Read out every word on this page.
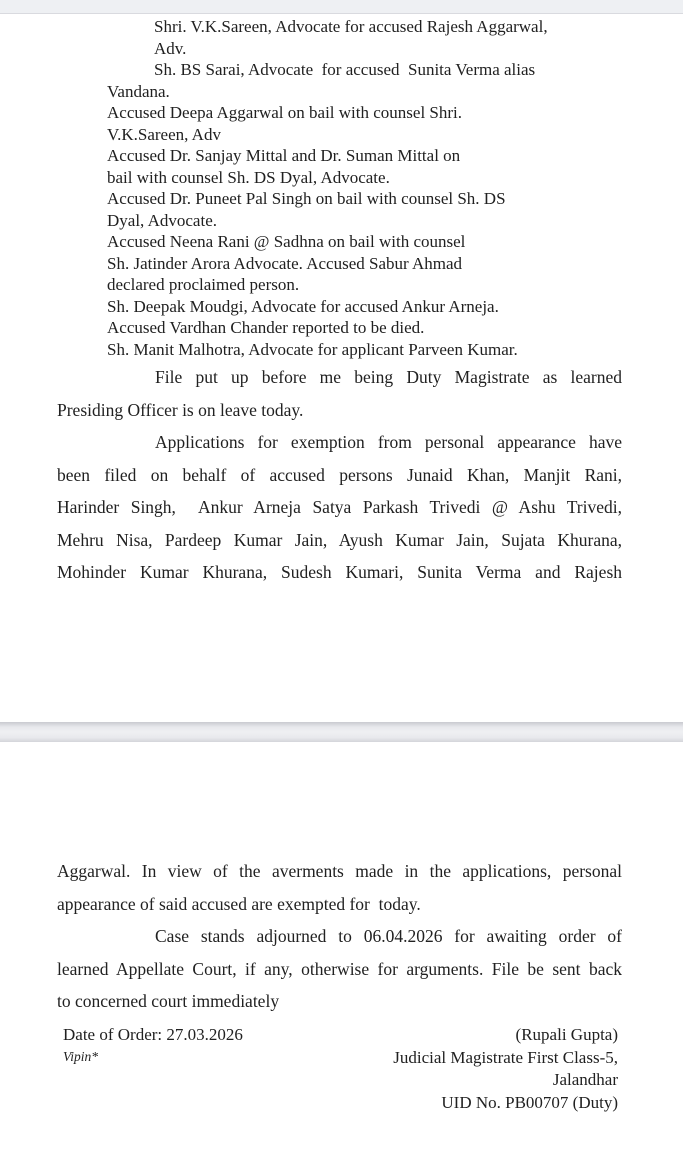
Shri. V.K.Sareen, Advocate for accused Rajesh Aggarwal,
Adv.
Sh. BS Sarai, Advocate  for accused  Sunita Verma alias
Vandana.
Accused Deepa Aggarwal on bail with counsel Shri.
V.K.Sareen, Adv
Accused Dr. Sanjay Mittal and Dr. Suman Mittal on
bail with counsel Sh. DS Dyal, Advocate.
Accused Dr. Puneet Pal Singh on bail with counsel Sh. DS
Dyal, Advocate.
Accused Neena Rani @ Sadhna on bail with counsel
Sh. Jatinder Arora Advocate. Accused Sabur Ahmad
declared proclaimed person.
Sh. Deepak Moudgi, Advocate for accused Ankur Arneja.
Accused Vardhan Chander reported to be died.
Sh. Manit Malhotra, Advocate for applicant Parveen Kumar.
File put up before me being Duty Magistrate as learned
Presiding Officer is on leave today.
Applications for exemption from personal appearance have
been filed on behalf of accused persons Junaid Khan, Manjit Rani,
Harinder Singh,  Ankur Arneja Satya Parkash Trivedi @ Ashu Trivedi,
Mehru Nisa, Pardeep Kumar Jain, Ayush Kumar Jain, Sujata Khurana,
Mohinder Kumar Khurana, Sudesh Kumari, Sunita Verma and Rajesh
Aggarwal. In view of the averments made in the applications, personal
appearance of said accused are exempted for  today.
Case stands adjourned to 06.04.2026 for awaiting order of
learned Appellate Court, if any, otherwise for arguments. File be sent back
to concerned court immediately
Date of Order: 27.03.2026
Vipin*
(Rupali Gupta)
Judicial Magistrate First Class-5,
Jalandhar
UID No. PB00707 (Duty)
